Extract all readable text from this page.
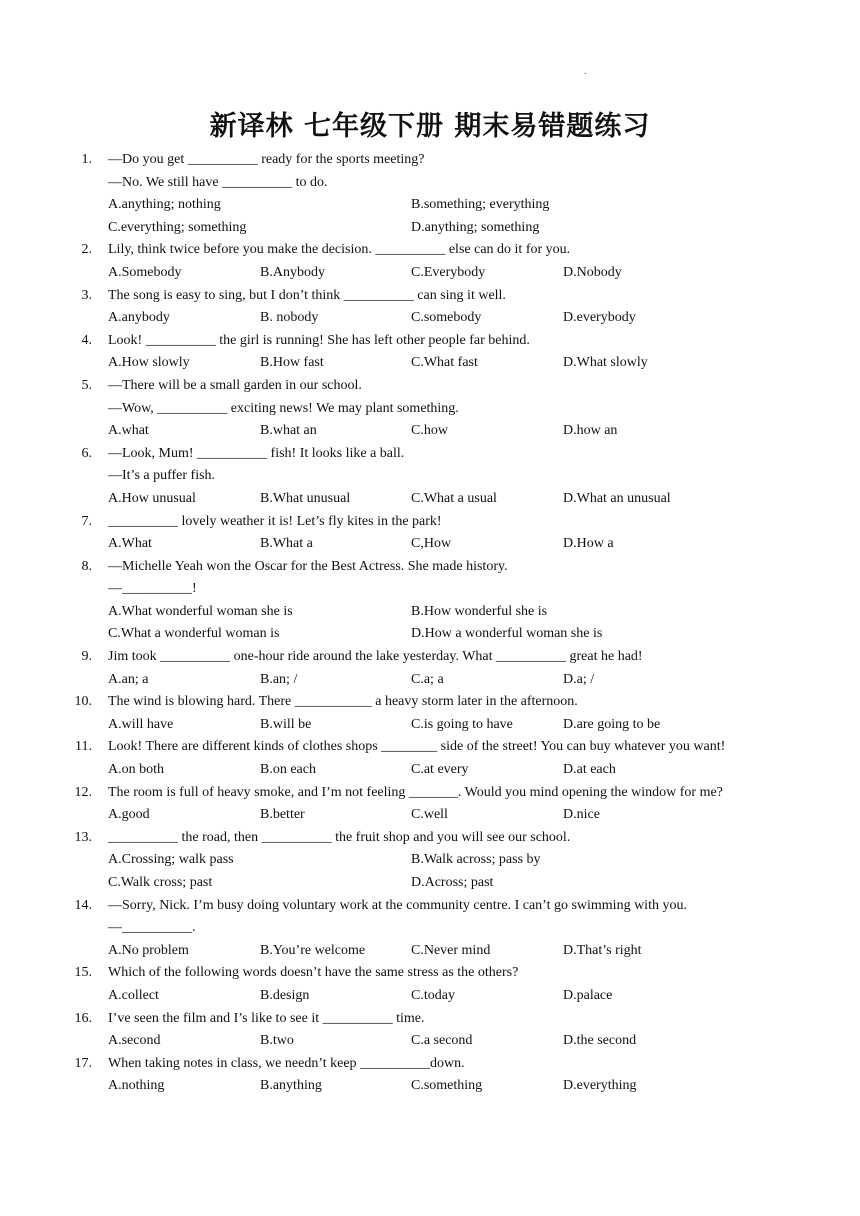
.
新译林 七年级下册 期末易错题练习
1. —Do you get __________ ready for the sports meeting?
—No. We still have __________ to do.
A.anything; nothing	B.something; everything
C.everything; something	D.anything; something
2. Lily, think twice before you make the decision. __________ else can do it for you.
A.Somebody	B.Anybody	C.Everybody	D.Nobody
3. The song is easy to sing, but I don’t think __________ can sing it well.
A.anybody	B. nobody	C.somebody	D.everybody
4. Look! __________ the girl is running! She has left other people far behind.
A.How slowly	B.How fast	C.What fast	D.What slowly
5. —There will be a small garden in our school.
—Wow, __________ exciting news! We may plant something.
A.what	B.what an	C.how	D.how an
6. —Look, Mum! __________ fish! It looks like a ball.
—It’s a puffer fish.
A.How unusual	B.What unusual	C.What a usual	D.What an unusual
7. __________ lovely weather it is! Let’s fly kites in the park!
A.What	B.What a	C,How	D.How a
8. —Michelle Yeah won the Oscar for the Best Actress. She made history.
—__________!
A.What wonderful woman she is	B.How wonderful she is
C.What a wonderful woman is	D.How a wonderful woman she is
9. Jim took __________ one-hour ride around the lake yesterday. What __________ great he had!
A.an; a	B.an; /	C.a; a	D.a; /
10. The wind is blowing hard. There ___________ a heavy storm later in the afternoon.
A.will have	B.will be	C.is going to have	D.are going to be
11. Look! There are different kinds of clothes shops ________ side of the street! You can buy whatever you want!
A.on both	B.on each	C.at every	D.at each
12. The room is full of heavy smoke, and I’m not feeling _______. Would you mind opening the window for me?
A.good	B.better	C.well	D.nice
13. __________ the road, then __________ the fruit shop and you will see our school.
A.Crossing; walk pass	B.Walk across; pass by
C.Walk cross; past	D.Across; past
14. —Sorry, Nick. I’m busy doing voluntary work at the community centre. I can’t go swimming with you.
—__________.
A.No problem	B.You’re welcome	C.Never mind	D.That’s right
15. Which of the following words doesn’t have the same stress as the others?
A.collect	B.design	C.today	D.palace
16. I’ve seen the film and I’s like to see it __________ time.
A.second	B.two	C.a second	D.the second
17. When taking notes in class, we needn’t keep __________down.
A.nothing	B.anything	C.something	D.everything
